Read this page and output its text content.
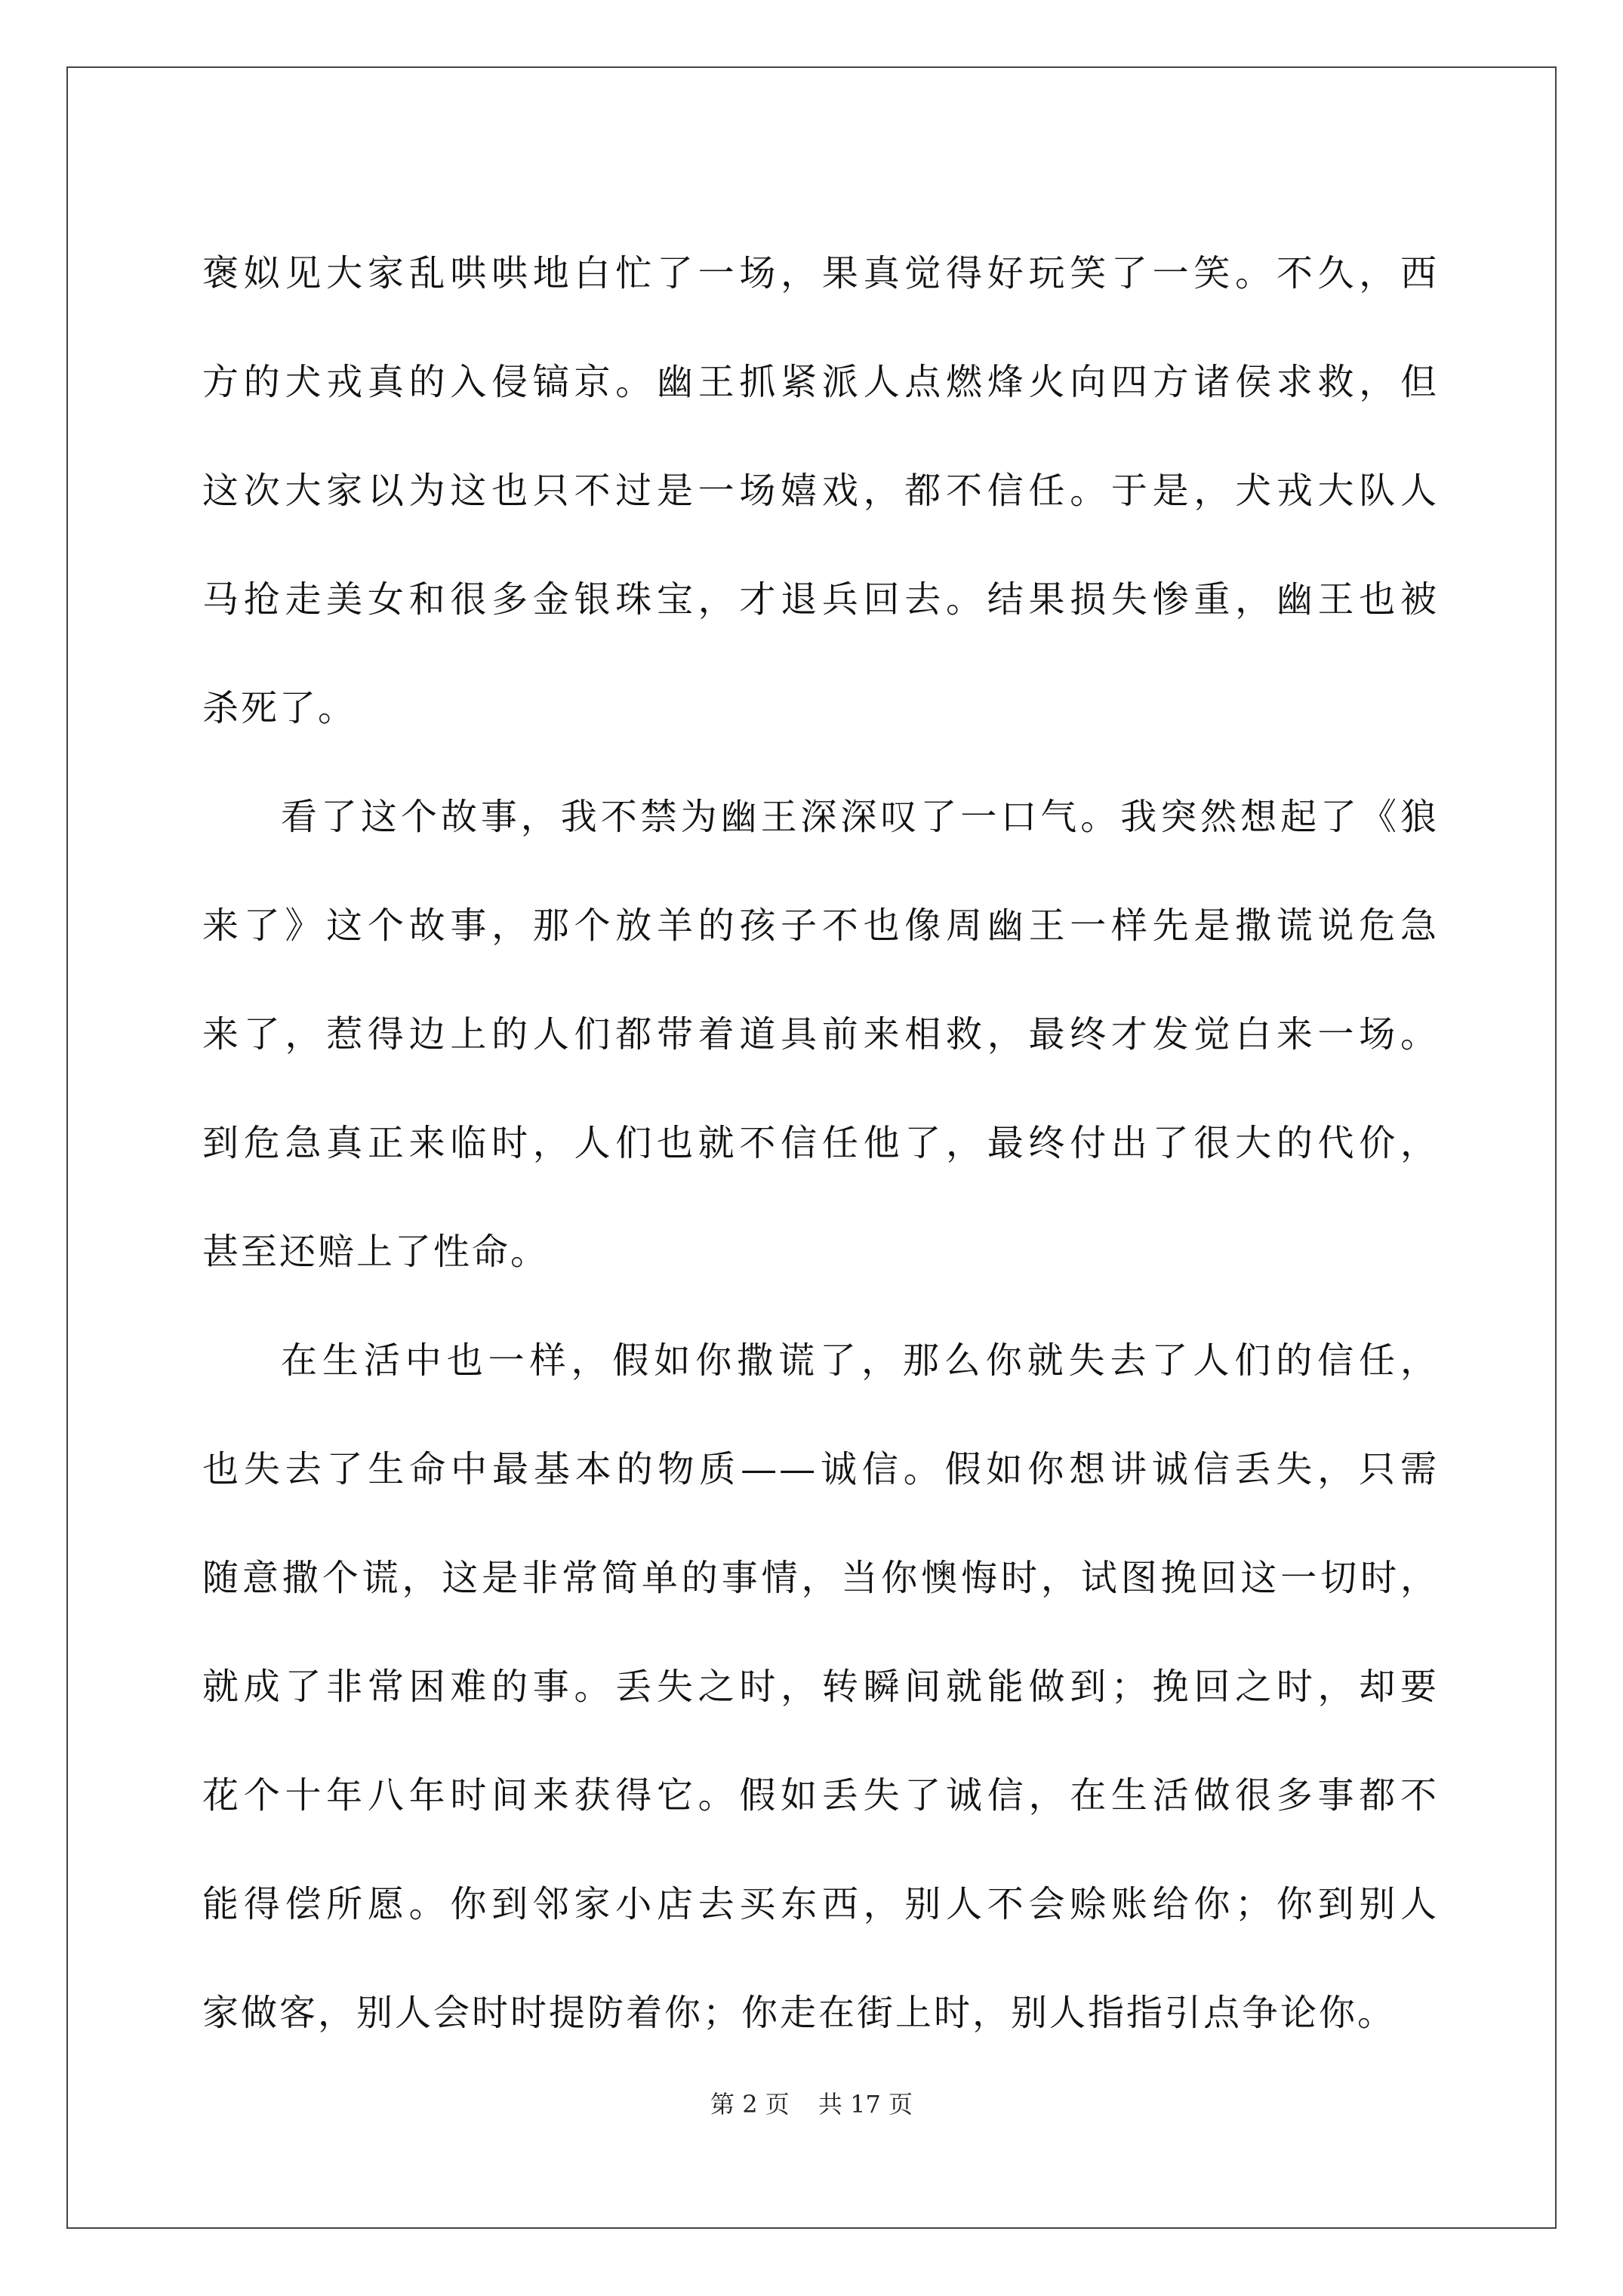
褒姒见大家乱哄哄地白忙了一场，果真觉得好玩笑了一笑。不久，西
方的犬戎真的入侵镐京。幽王抓紧派人点燃烽火向四方诸侯求救，但
这次大家以为这也只不过是一场嬉戏，都不信任。于是，犬戎大队人
马抢走美女和很多金银珠宝，才退兵回去。结果损失惨重，幽王也被
杀死了。
看了这个故事，我不禁为幽王深深叹了一口气。我突然想起了《狼
来了》这个故事，那个放羊的孩子不也像周幽王一样先是撒谎说危急
来了，惹得边上的人们都带着道具前来相救，最终才发觉白来一场。
到危急真正来临时，人们也就不信任他了，最终付出了很大的代价，
甚至还赔上了性命。
在生活中也一样，假如你撒谎了，那么你就失去了人们的信任，
也失去了生命中最基本的物质——诚信。假如你想讲诚信丢失，只需
随意撒个谎，这是非常简单的事情，当你懊悔时，试图挽回这一切时，
就成了非常困难的事。丢失之时，转瞬间就能做到；挽回之时，却要
花个十年八年时间来获得它。假如丢失了诚信，在生活做很多事都不
能得偿所愿。你到邻家小店去买东西，别人不会赊账给你；你到别人
家做客，别人会时时提防着你；你走在街上时，别人指指引点争论你。
第 2 页 共 17 页
